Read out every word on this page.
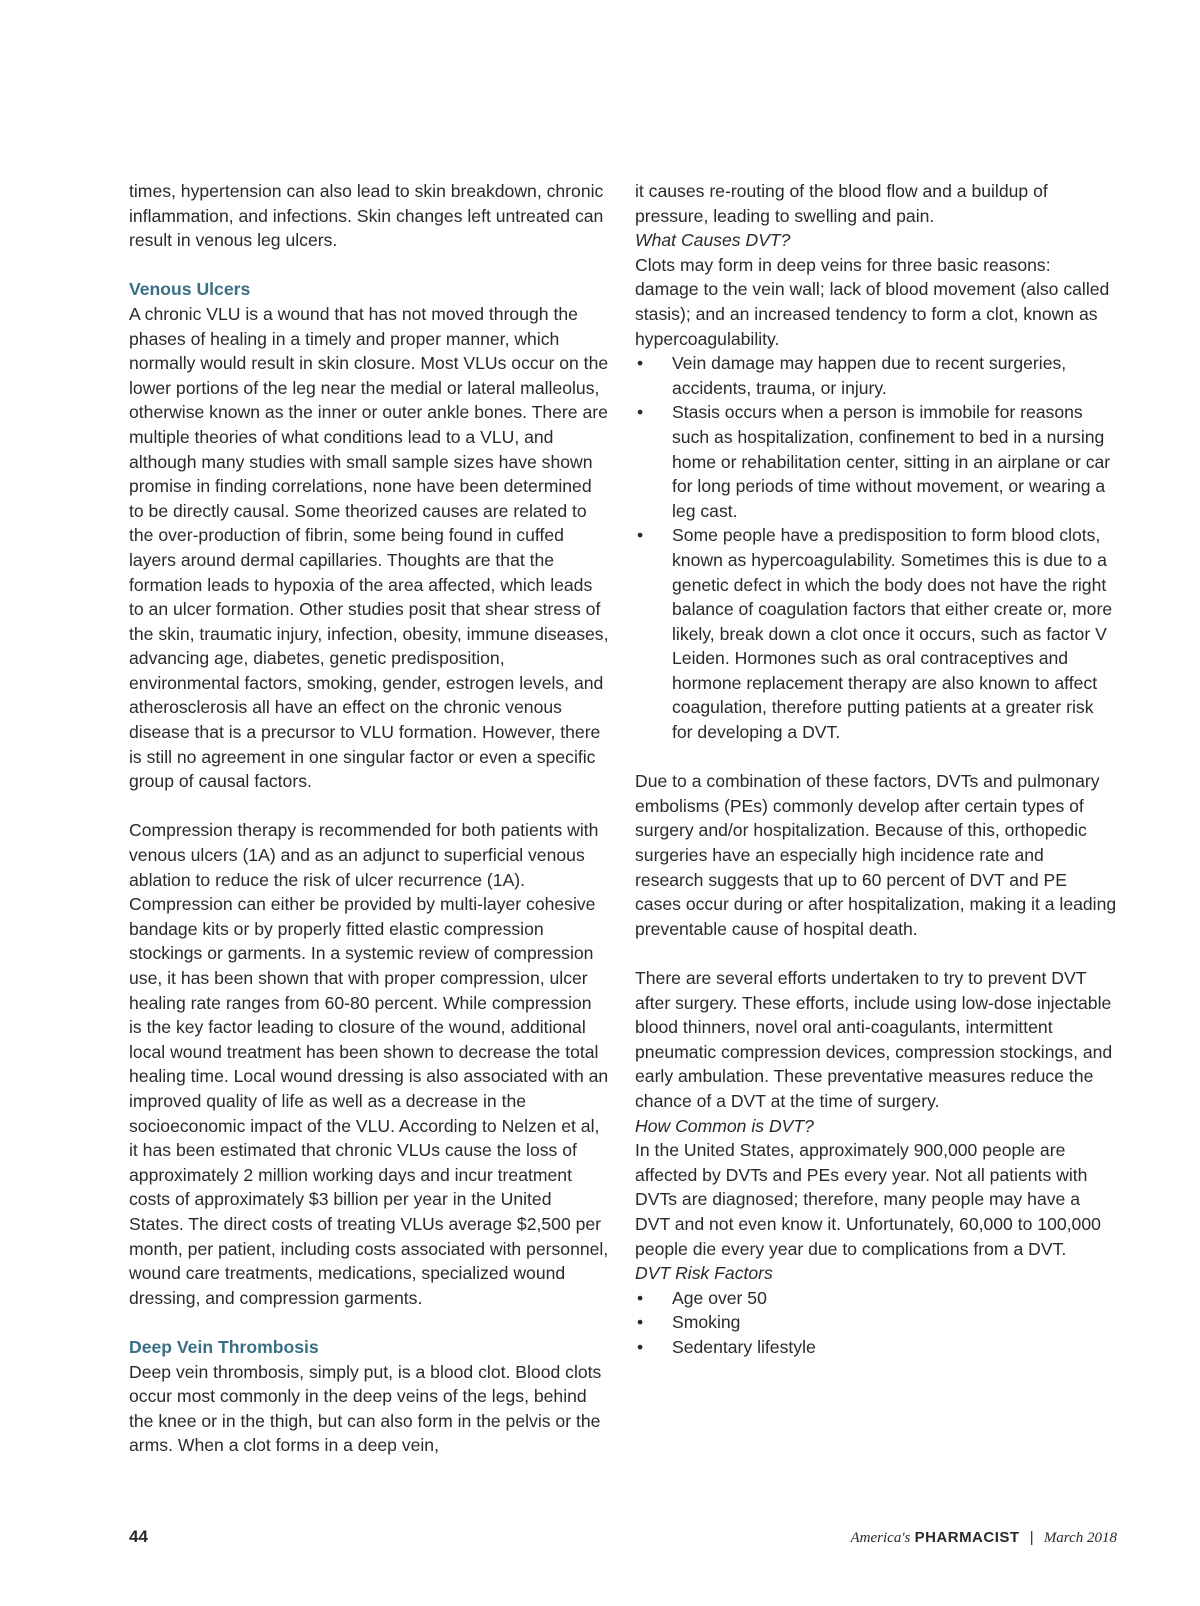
times, hypertension can also lead to skin breakdown, chronic inflammation, and infections. Skin changes left untreated can result in venous leg ulcers.

Venous Ulcers

A chronic VLU is a wound that has not moved through the phases of healing in a timely and proper manner, which normally would result in skin closure. Most VLUs occur on the lower portions of the leg near the medial or lateral malleolus, otherwise known as the inner or outer ankle bones. There are multiple theories of what conditions lead to a VLU, and although many studies with small sample sizes have shown promise in finding correlations, none have been determined to be directly causal. Some theorized causes are related to the over-production of fibrin, some being found in cuffed layers around dermal capillaries. Thoughts are that the formation leads to hypoxia of the area affected, which leads to an ulcer formation. Other studies posit that shear stress of the skin, traumatic injury, infection, obesity, immune diseases, advancing age, diabetes, genetic predisposition, environmental factors, smoking, gender, estrogen levels, and atherosclerosis all have an effect on the chronic venous disease that is a precursor to VLU formation. However, there is still no agreement in one singular factor or even a specific group of causal factors.

Compression therapy is recommended for both patients with venous ulcers (1A) and as an adjunct to superficial venous ablation to reduce the risk of ulcer recurrence (1A). Compression can either be provided by multi-layer cohesive bandage kits or by properly fitted elastic compression stockings or garments. In a systemic review of compression use, it has been shown that with proper compression, ulcer healing rate ranges from 60-80 percent. While compression is the key factor leading to closure of the wound, additional local wound treatment has been shown to decrease the total healing time. Local wound dressing is also associated with an improved quality of life as well as a decrease in the socioeconomic impact of the VLU. According to Nelzen et al, it has been estimated that chronic VLUs cause the loss of approximately 2 million working days and incur treatment costs of approximately $3 billion per year in the United States. The direct costs of treating VLUs average $2,500 per month, per patient, including costs associated with personnel, wound care treatments, medications, specialized wound dressing, and compression garments.

Deep Vein Thrombosis

Deep vein thrombosis, simply put, is a blood clot. Blood clots occur most commonly in the deep veins of the legs, behind the knee or in the thigh, but can also form in the pelvis or the arms. When a clot forms in a deep vein,

it causes re-routing of the blood flow and a buildup of pressure, leading to swelling and pain.

What Causes DVT?

Clots may form in deep veins for three basic reasons: damage to the vein wall; lack of blood movement (also called stasis); and an increased tendency to form a clot, known as hypercoagulability.

• Vein damage may happen due to recent surgeries, accidents, trauma, or injury.
• Stasis occurs when a person is immobile for reasons such as hospitalization, confinement to bed in a nursing home or rehabilitation center, sitting in an airplane or car for long periods of time without movement, or wearing a leg cast.
• Some people have a predisposition to form blood clots, known as hypercoagulability. Sometimes this is due to a genetic defect in which the body does not have the right balance of coagulation factors that either create or, more likely, break down a clot once it occurs, such as factor V Leiden. Hormones such as oral contraceptives and hormone replacement therapy are also known to affect coagulation, therefore putting patients at a greater risk for developing a DVT.

Due to a combination of these factors, DVTs and pulmonary embolisms (PEs) commonly develop after certain types of surgery and/or hospitalization. Because of this, orthopedic surgeries have an especially high incidence rate and research suggests that up to 60 percent of DVT and PE cases occur during or after hospitalization, making it a leading preventable cause of hospital death.

There are several efforts undertaken to try to prevent DVT after surgery. These efforts, include using low-dose injectable blood thinners, novel oral anti-coagulants, intermittent pneumatic compression devices, compression stockings, and early ambulation. These preventative measures reduce the chance of a DVT at the time of surgery.

How Common is DVT?

In the United States, approximately 900,000 people are affected by DVTs and PEs every year. Not all patients with DVTs are diagnosed; therefore, many people may have a DVT and not even know it. Unfortunately, 60,000 to 100,000 people die every year due to complications from a DVT.

DVT Risk Factors

• Age over 50
• Smoking
• Sedentary lifestyle
44	America's PHARMACIST | March 2018
